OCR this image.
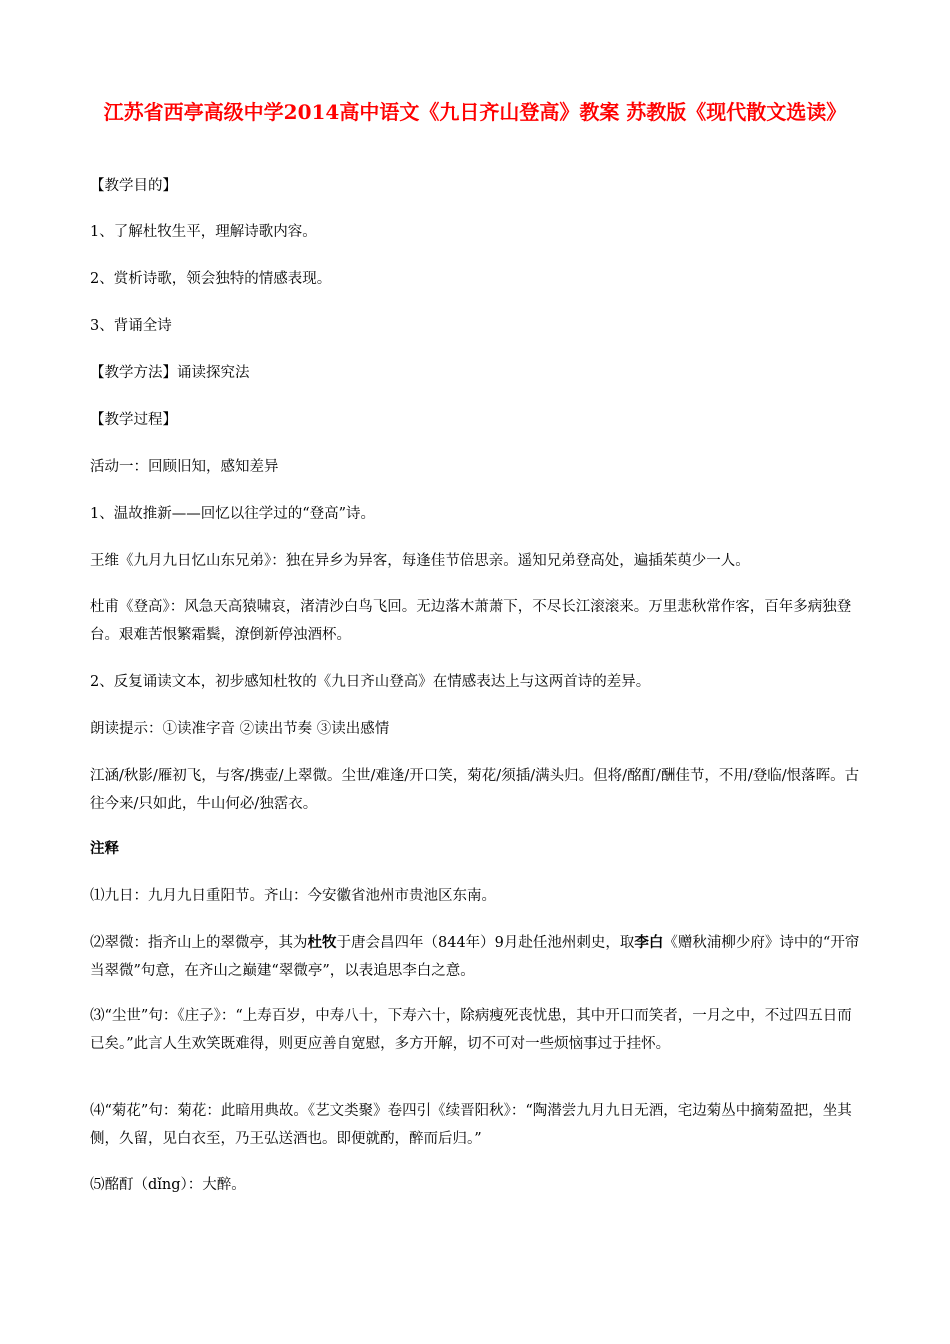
江苏省西亭高级中学2014高中语文《九日齐山登高》教案 苏教版《现代散文选读》
【教学目的】
1、了解杜牧生平，理解诗歌内容。
2、赏析诗歌，领会独特的情感表现。
3、背诵全诗
【教学方法】诵读探究法
【教学过程】
活动一：回顾旧知，感知差异
1、温故推新——回忆以往学过的“登高”诗。
王维《九月九日忆山东兄弟》：独在异乡为异客，每逢佳节倍思亲。遥知兄弟登高处，遍插茱萸少一人。
杜甫《登高》：风急天高猿啸哀，渚清沙白鸟飞回。无边落木萧萧下，不尽长江滚滚来。万里悲秋常作客，百年多病独登台。艰难苦恨繁霜鬓，潦倒新停浊酒杯。
2、反复诵读文本，初步感知杜牧的《九日齐山登高》在情感表达上与这两首诗的差异。
朗读提示：①读准字音 ②读出节奏 ③读出感情
江涵/秋影/雁初飞，与客/携壶/上翠微。尘世/难逢/开口笑，菊花/须插/满头归。但将/酩酊/酬佳节，不用/登临/恨落晖。古往今来/只如此，牛山何必/独霑衣。
注释
⑴九日：九月九日重阳节。齐山：今安徽省池州市贵池区东南。
⑵翠微：指齐山上的翠微亭，其为杜牧于唐会昌四年（844年）9月赴任池州刺史，取李白《赠秋浦柳少府》诗中的“开帘当翠微”句意，在齐山之巅建“翠微亭”，以表追思李白之意。
⑶“尘世”句：《庄子》：“上寿百岁，中寿八十，下寿六十，除病瘦死丧忧患，其中开口而笑者，一月之中，不过四五日而已矣。”此言人生欢笑既难得，则更应善自宽慰，多方开解，切不可对一些烦恼事过于挂怀。
⑷“菊花”句：菊花：此暗用典故。《艺文类聚》卷四引《续晋阳秋》：“陶潜尝九月九日无酒，宅边菊丛中摘菊盈把，坐其侧，久留，见白衣至，乃王弘送酒也。即便就酌，醉而后归。”
⑸酩酊（dǐng）：大醉。
